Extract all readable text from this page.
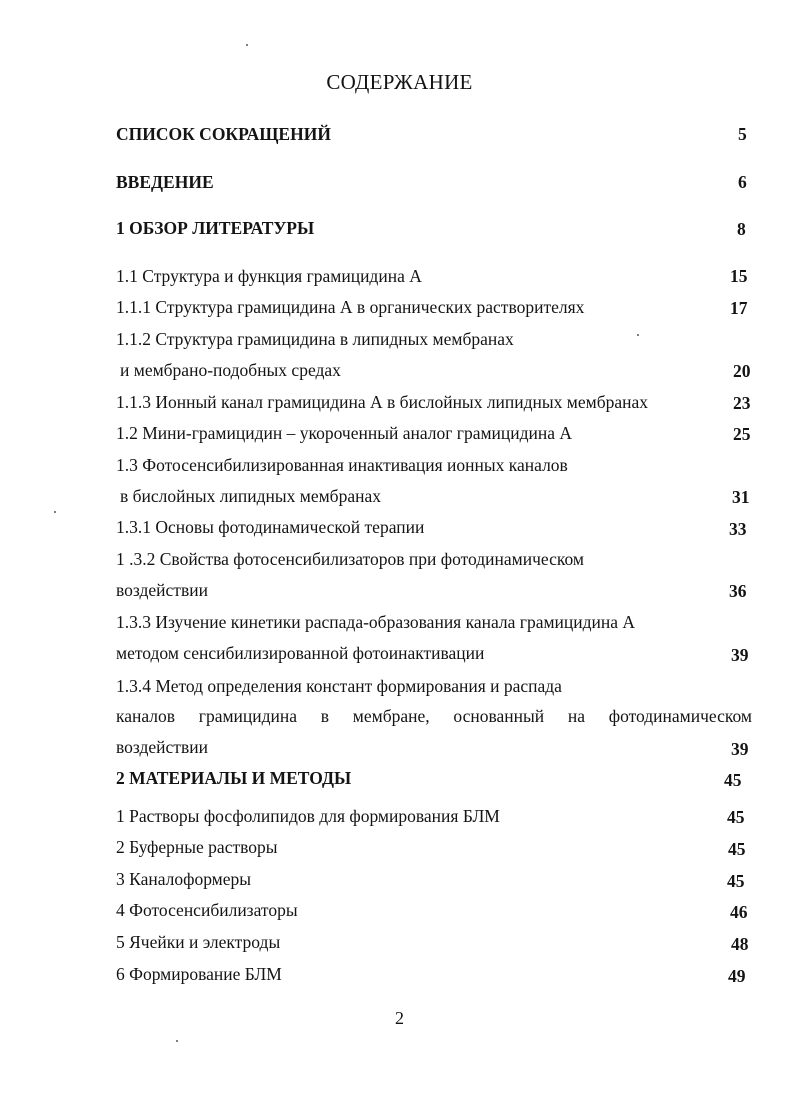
СОДЕРЖАНИЕ
СПИСОК СОКРАЩЕНИЙ	5
ВВЕДЕНИЕ	6
1 ОБЗОР ЛИТЕРАТУРЫ	8
1.1 Структура и функция грамицидина А	15
1.1.1 Структура грамицидина А в органических растворителях	17
1.1.2 Структура грамицидина в липидных мембранах
и мембрано-подобных средах	20
1.1.3 Ионный канал грамицидина А в бислойных липидных мембранах	23
1.2 Мини-грамицидин – укороченный аналог грамицидина А	25
1.3 Фотосенсибилизированная инактивация ионных каналов
в бислойных липидных мембранах	31
1.3.1 Основы фотодинамической терапии	33
1 .3.2 Свойства фотосенсибилизаторов при фотодинамическом
воздействии	36
1.3.3 Изучение кинетики распада-образования канала грамицидина А
методом сенсибилизированной фотоинактивации	39
1.3.4 Метод определения констант формирования и распада
каналов грамицидина в мембране, основанный на фотодинамическом
воздействии	39
2 МАТЕРИАЛЫ И МЕТОДЫ	45
1 Растворы фосфолипидов для формирования БЛМ	45
2 Буферные растворы	45
3 Каналоформеры	45
4 Фотосенсибилизаторы	46
5 Ячейки и электроды	48
6 Формирование БЛМ	49
2
